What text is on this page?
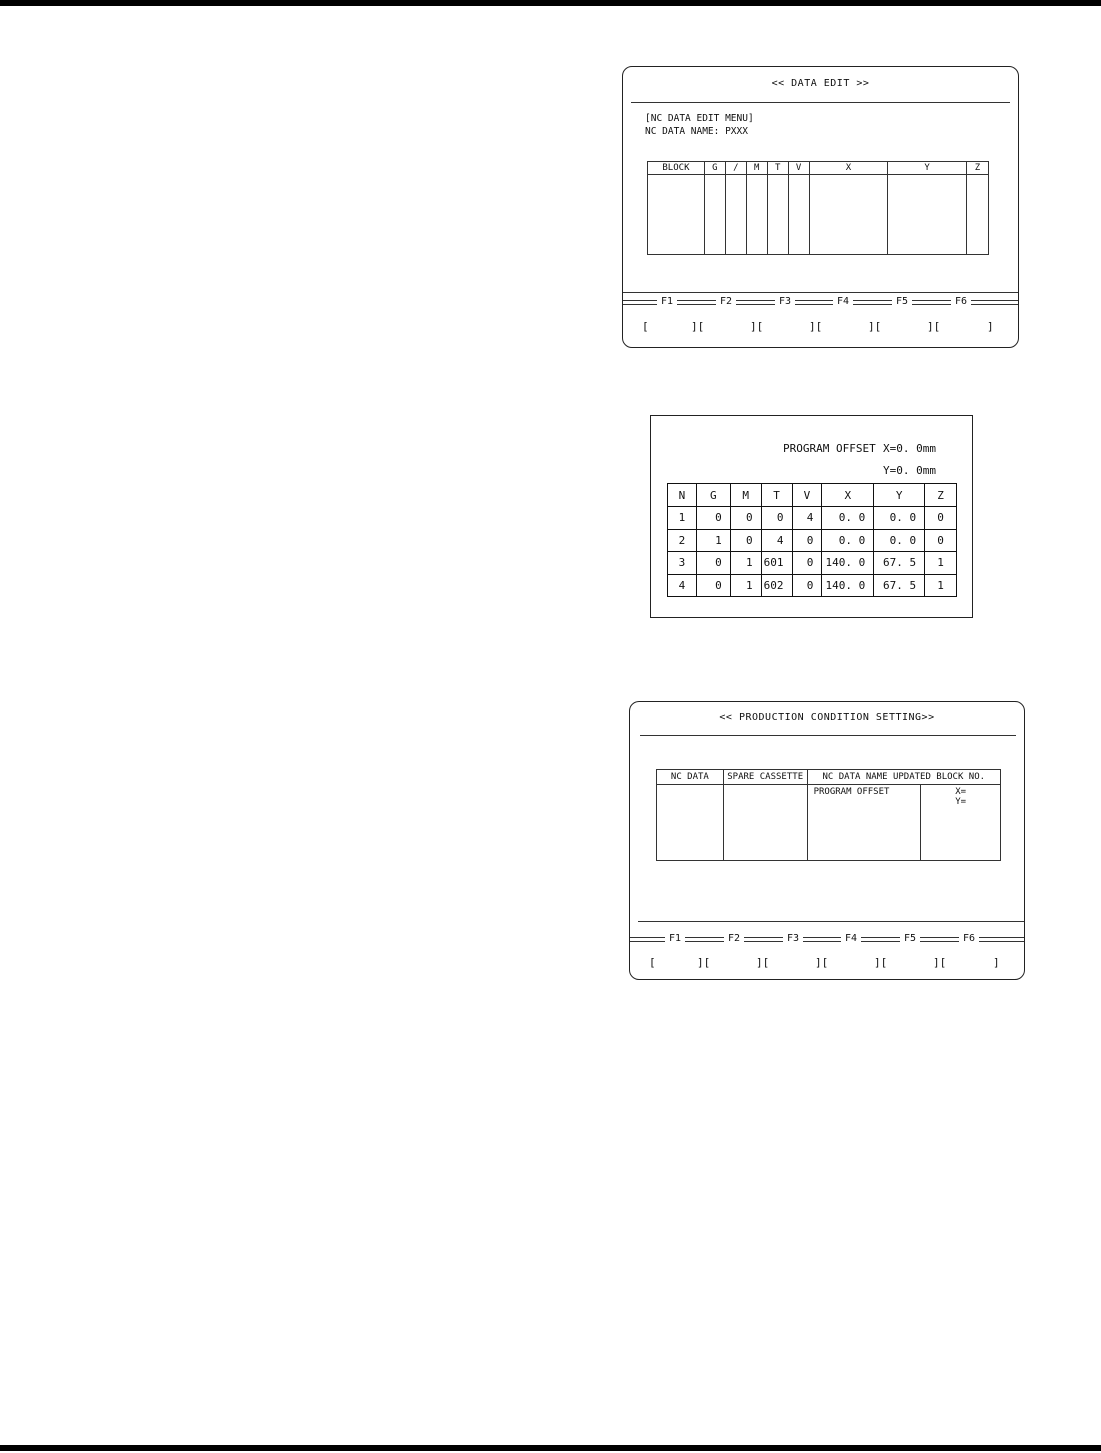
<< DATA EDIT >>
[NC DATA EDIT MENU]
NC DATA NAME: PXXX
BLOCK	G	/	M	T	V	X	Y	Z

F1	F2	F3	F4	F5	F6
[	][	][	][	][	][	]
PROGRAM OFFSET X=0. 0mm
Y=0. 0mm
N	G	M	T	V	X	Y	Z
1	0	0	0	4	0. 0	0. 0	0
2	1	0	4	0	0. 0	0. 0	0
3	0	1	601	0	140. 0	67. 5	1
4	0	1	602	0	140. 0	67. 5	1
<< PRODUCTION CONDITION SETTING>>
NC DATA	SPARE CASSETTE	NC DATA NAME UPDATED BLOCK NO.	
		PROGRAM OFFSET	X=
Y=
F1	F2	F3	F4	F5	F6
[	][	][	][	][	][	]
